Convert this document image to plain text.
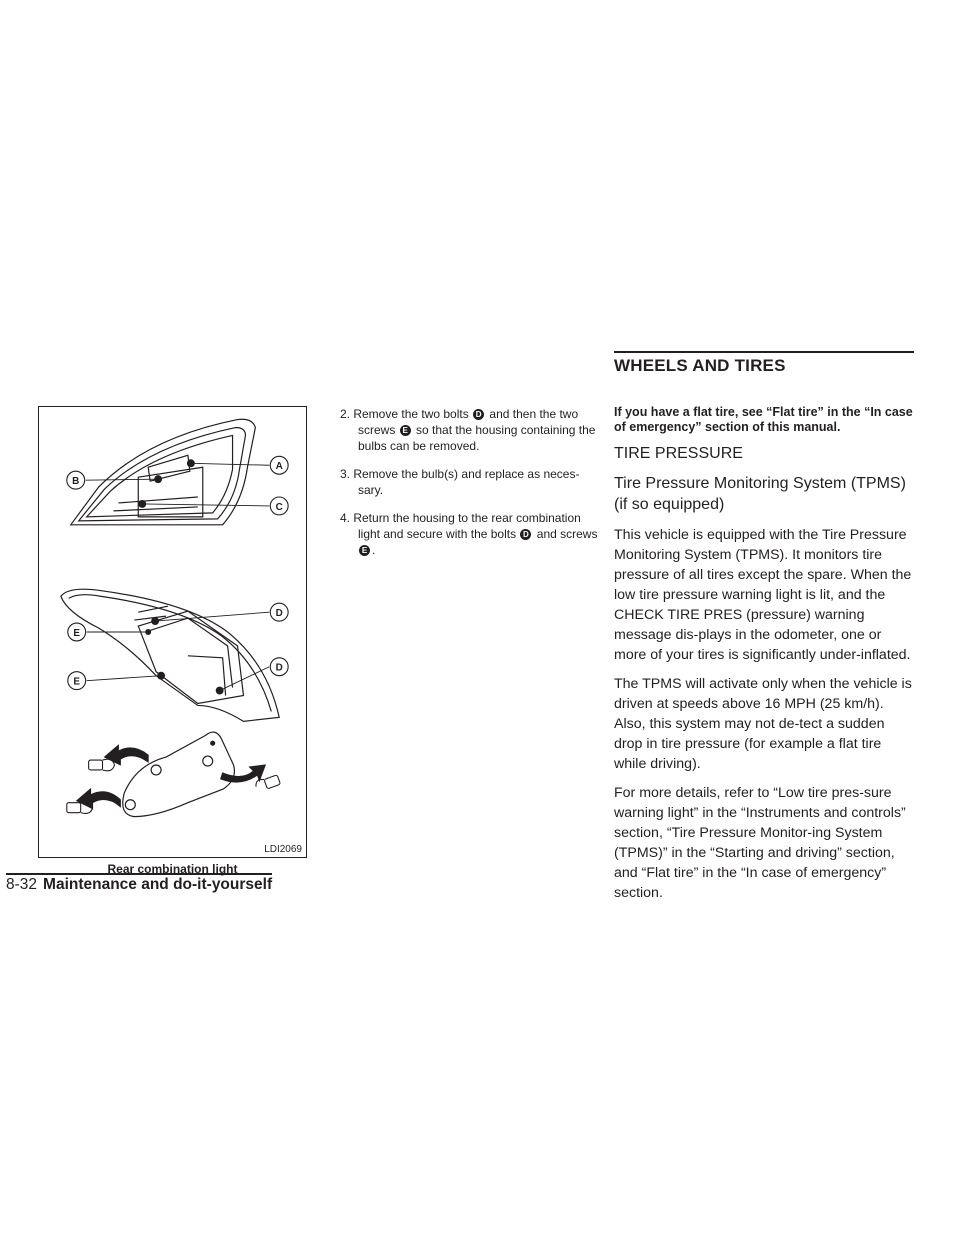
WHEELS AND TIRES
B
A
C
D
E
D
E
LDI2069
Rear combination light
2. Remove the two bolts D and then the two screws E so that the housing containing the bulbs can be removed.
3. Remove the bulb(s) and replace as neces-sary.
4. Return the housing to the rear combination light and secure with the bolts D and screws E .

If you have a flat tire, see “Flat tire” in the “In case of emergency” section of this manual.

TIRE PRESSURE
Tire Pressure Monitoring System (TPMS) (if so equipped)

This vehicle is equipped with the Tire Pressure Monitoring System (TPMS). It monitors tire pressure of all tires except the spare. When the low tire pressure warning light is lit, and the CHECK TIRE PRES (pressure) warning message dis-plays in the odometer, one or more of your tires is significantly under-inflated.

The TPMS will activate only when the vehicle is driven at speeds above 16 MPH (25 km/h). Also, this system may not de-tect a sudden drop in tire pressure (for example a flat tire while driving).

For more details, refer to “Low tire pres-sure warning light” in the “Instruments and controls” section, “Tire Pressure Monitor-ing System (TPMS)” in the “Starting and driving” section, and “Flat tire” in the “In case of emergency” section.

8-32 Maintenance and do-it-yourself
